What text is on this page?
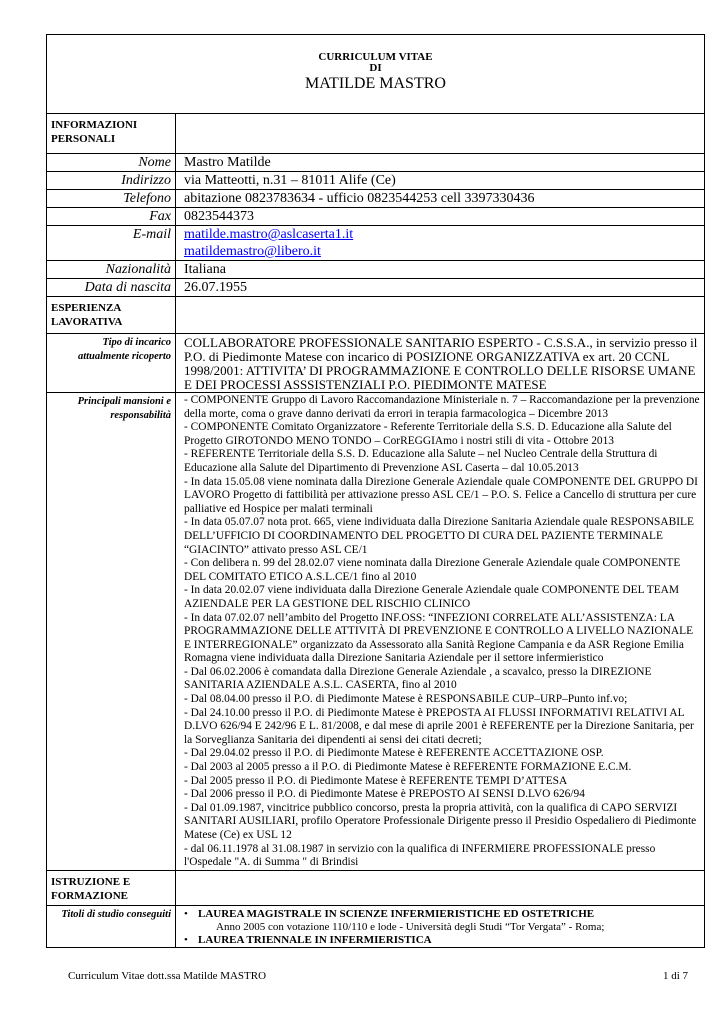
CURRICULUM VITAE
DI
MATILDE MASTRO
INFORMAZIONI PERSONALI
Nome Mastro Matilde
Indirizzo via Matteotti, n.31 – 81011 Alife (Ce)
Telefono abitazione 0823783634 - ufficio 0823544253 cell 3397330436
Fax 0823544373
E-mail matilde.mastro@aslcaserta1.it
matildemastro@libero.it
Nazionalità Italiana
Data di nascita 26.07.1955
ESPERIENZA LAVORATIVA
Tipo di incarico attualmente ricoperto
COLLABORATORE PROFESSIONALE SANITARIO ESPERTO - C.S.S.A., in servizio presso il P.O. di Piedimonte Matese con incarico di POSIZIONE ORGANIZZATIVA ex art. 20 CCNL 1998/2001: ATTIVITA’ DI PROGRAMMAZIONE E CONTROLLO DELLE RISORSE UMANE E DEI PROCESSI ASSSISTENZIALI P.O. PIEDIMONTE MATESE
Principali mansioni e responsabilità
- COMPONENTE Gruppo di Lavoro Raccomandazione Ministeriale n. 7 – Raccomandazione per la prevenzione della morte, coma o grave danno derivati da errori in terapia farmacologica – Dicembre 2013
- COMPONENTE Comitato Organizzatore - Referente Territoriale della S.S. D. Educazione alla Salute del Progetto GIROTONDO MENO TONDO – CorREGGIAmo i nostri stili di vita - Ottobre 2013
- REFERENTE Territoriale della S.S. D. Educazione alla Salute – nel Nucleo Centrale della Struttura di Educazione alla Salute del Dipartimento di Prevenzione ASL Caserta – dal 10.05.2013
- In data 15.05.08 viene nominata dalla Direzione Generale Aziendale quale COMPONENTE DEL GRUPPO DI LAVORO Progetto di fattibilità per attivazione presso ASL CE/1 – P.O. S. Felice a Cancello di struttura per cure palliative ed Hospice per malati terminali
- In data 05.07.07 nota prot. 665, viene individuata dalla Direzione Sanitaria Aziendale quale RESPONSABILE DELL’UFFICIO DI COORDINAMENTO DEL PROGETTO DI CURA DEL PAZIENTE TERMINALE “GIACINTO” attivato presso ASL CE/1
- Con delibera n. 99 del 28.02.07 viene nominata dalla Direzione Generale Aziendale quale COMPONENTE DEL COMITATO ETICO A.S.L.CE/1 fino al 2010
- In data 20.02.07 viene individuata dalla Direzione Generale Aziendale quale COMPONENTE DEL TEAM AZIENDALE PER LA GESTIONE DEL RISCHIO CLINICO
- In data 07.02.07 nell’ambito del Progetto INF.OSS: “INFEZIONI CORRELATE ALL’ASSISTENZA: LA PROGRAMMAZIONE DELLE ATTIVITÀ DI PREVENZIONE E CONTROLLO A LIVELLO NAZIONALE E INTERREGIONALE” organizzato da Assessorato alla Sanità Regione Campania e da ASR Regione Emilia Romagna viene individuata dalla Direzione Sanitaria Aziendale per il settore infermieristico
- Dal 06.02.2006 è comandata dalla Direzione Generale Aziendale , a scavalco, presso la DIREZIONE SANITARIA AZIENDALE A.S.L. CASERTA, fino al 2010
- Dal 08.04.00 presso il P.O. di Piedimonte Matese è RESPONSABILE CUP–URP–Punto inf.vo;
- Dal 24.10.00 presso il P.O. di Piedimonte Matese è PREPOSTA AI FLUSSI INFORMATIVI RELATIVI AL D.LVO 626/94 E 242/96 E L. 81/2008, e dal mese di aprile 2001 è REFERENTE per la Direzione Sanitaria, per la Sorveglianza Sanitaria dei dipendenti ai sensi dei citati decreti;
- Dal 29.04.02 presso il P.O. di Piedimonte Matese è REFERENTE ACCETTAZIONE OSP.
- Dal 2003 al 2005 presso a il P.O. di Piedimonte Matese è REFERENTE FORMAZIONE E.C.M.
- Dal 2005 presso il P.O. di Piedimonte Matese è REFERENTE TEMPI D’ATTESA
- Dal 2006 presso il P.O. di Piedimonte Matese è PREPOSTO AI SENSI D.LVO 626/94
- Dal 01.09.1987, vincitrice pubblico concorso, presta la propria attività, con la qualifica di CAPO SERVIZI SANITARI AUSILIARI, profilo Operatore Professionale Dirigente presso il Presidio Ospedaliero di Piedimonte Matese (Ce) ex USL 12
- dal 06.11.1978 al 31.08.1987 in servizio con la qualifica di INFERMIERE PROFESSIONALE presso l'Ospedale "A. di Summa " di Brindisi
ISTRUZIONE E FORMAZIONE
Titoli di studio conseguiti	• LAUREA MAGISTRALE IN SCIENZE INFERMIERISTICHE ED OSTETRICHE
Anno 2005 con votazione 110/110 e lode - Università degli Studi “Tor Vergata” - Roma;
• LAUREA TRIENNALE IN INFERMIERISTICA
Curriculum Vitae dott.ssa Matilde MASTRO	1 di 7
